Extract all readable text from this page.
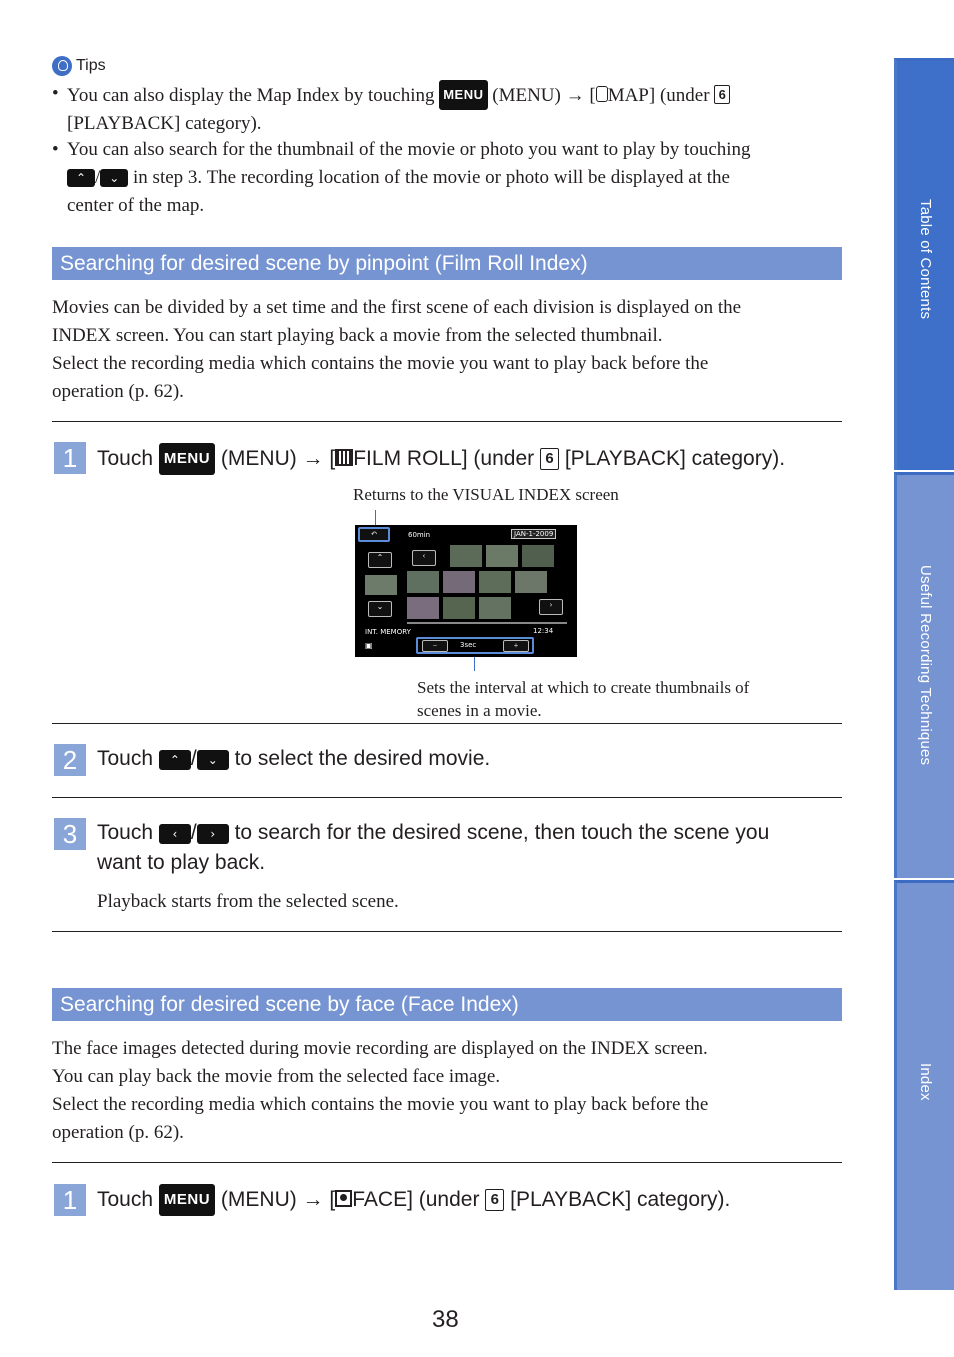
Table of Contents
Useful Recording Techniques
Index
Tips
• You can also display the Map Index by touching MENU (MENU) → [ MAP] (under 6
[PLAYBACK] category).
• You can also search for the thumbnail of the movie or photo you want to play by touching
⌃ / ⌄ in step 3. The recording location of the movie or photo will be displayed at the
center of the map.
Searching for desired scene by pinpoint (Film Roll Index)
Movies can be divided by a set time and the first scene of each division is displayed on the
INDEX screen. You can start playing back a movie from the selected thumbnail.
Select the recording media which contains the movie you want to play back before the
operation (p. 62).
1 Touch MENU (MENU) → [ FILM ROLL] (under 6 [PLAYBACK] category).
Returns to the VISUAL INDEX screen
↶	60min	JAN-1-2009
⌃
⌄
‹
›
INT. MEMORY	12:34
▣	−	3sec	+
Sets the interval at which to create thumbnails of
scenes in a movie.
2 Touch ⌃ / ⌄ to select the desired movie.
3 Touch ‹ / › to search for the desired scene, then touch the scene you
want to play back.
Playback starts from the selected scene.
Searching for desired scene by face (Face Index)
The face images detected during movie recording are displayed on the INDEX screen.
You can play back the movie from the selected face image.
Select the recording media which contains the movie you want to play back before the
operation (p. 62).
1 Touch MENU (MENU) → [ FACE] (under 6 [PLAYBACK] category).
38
